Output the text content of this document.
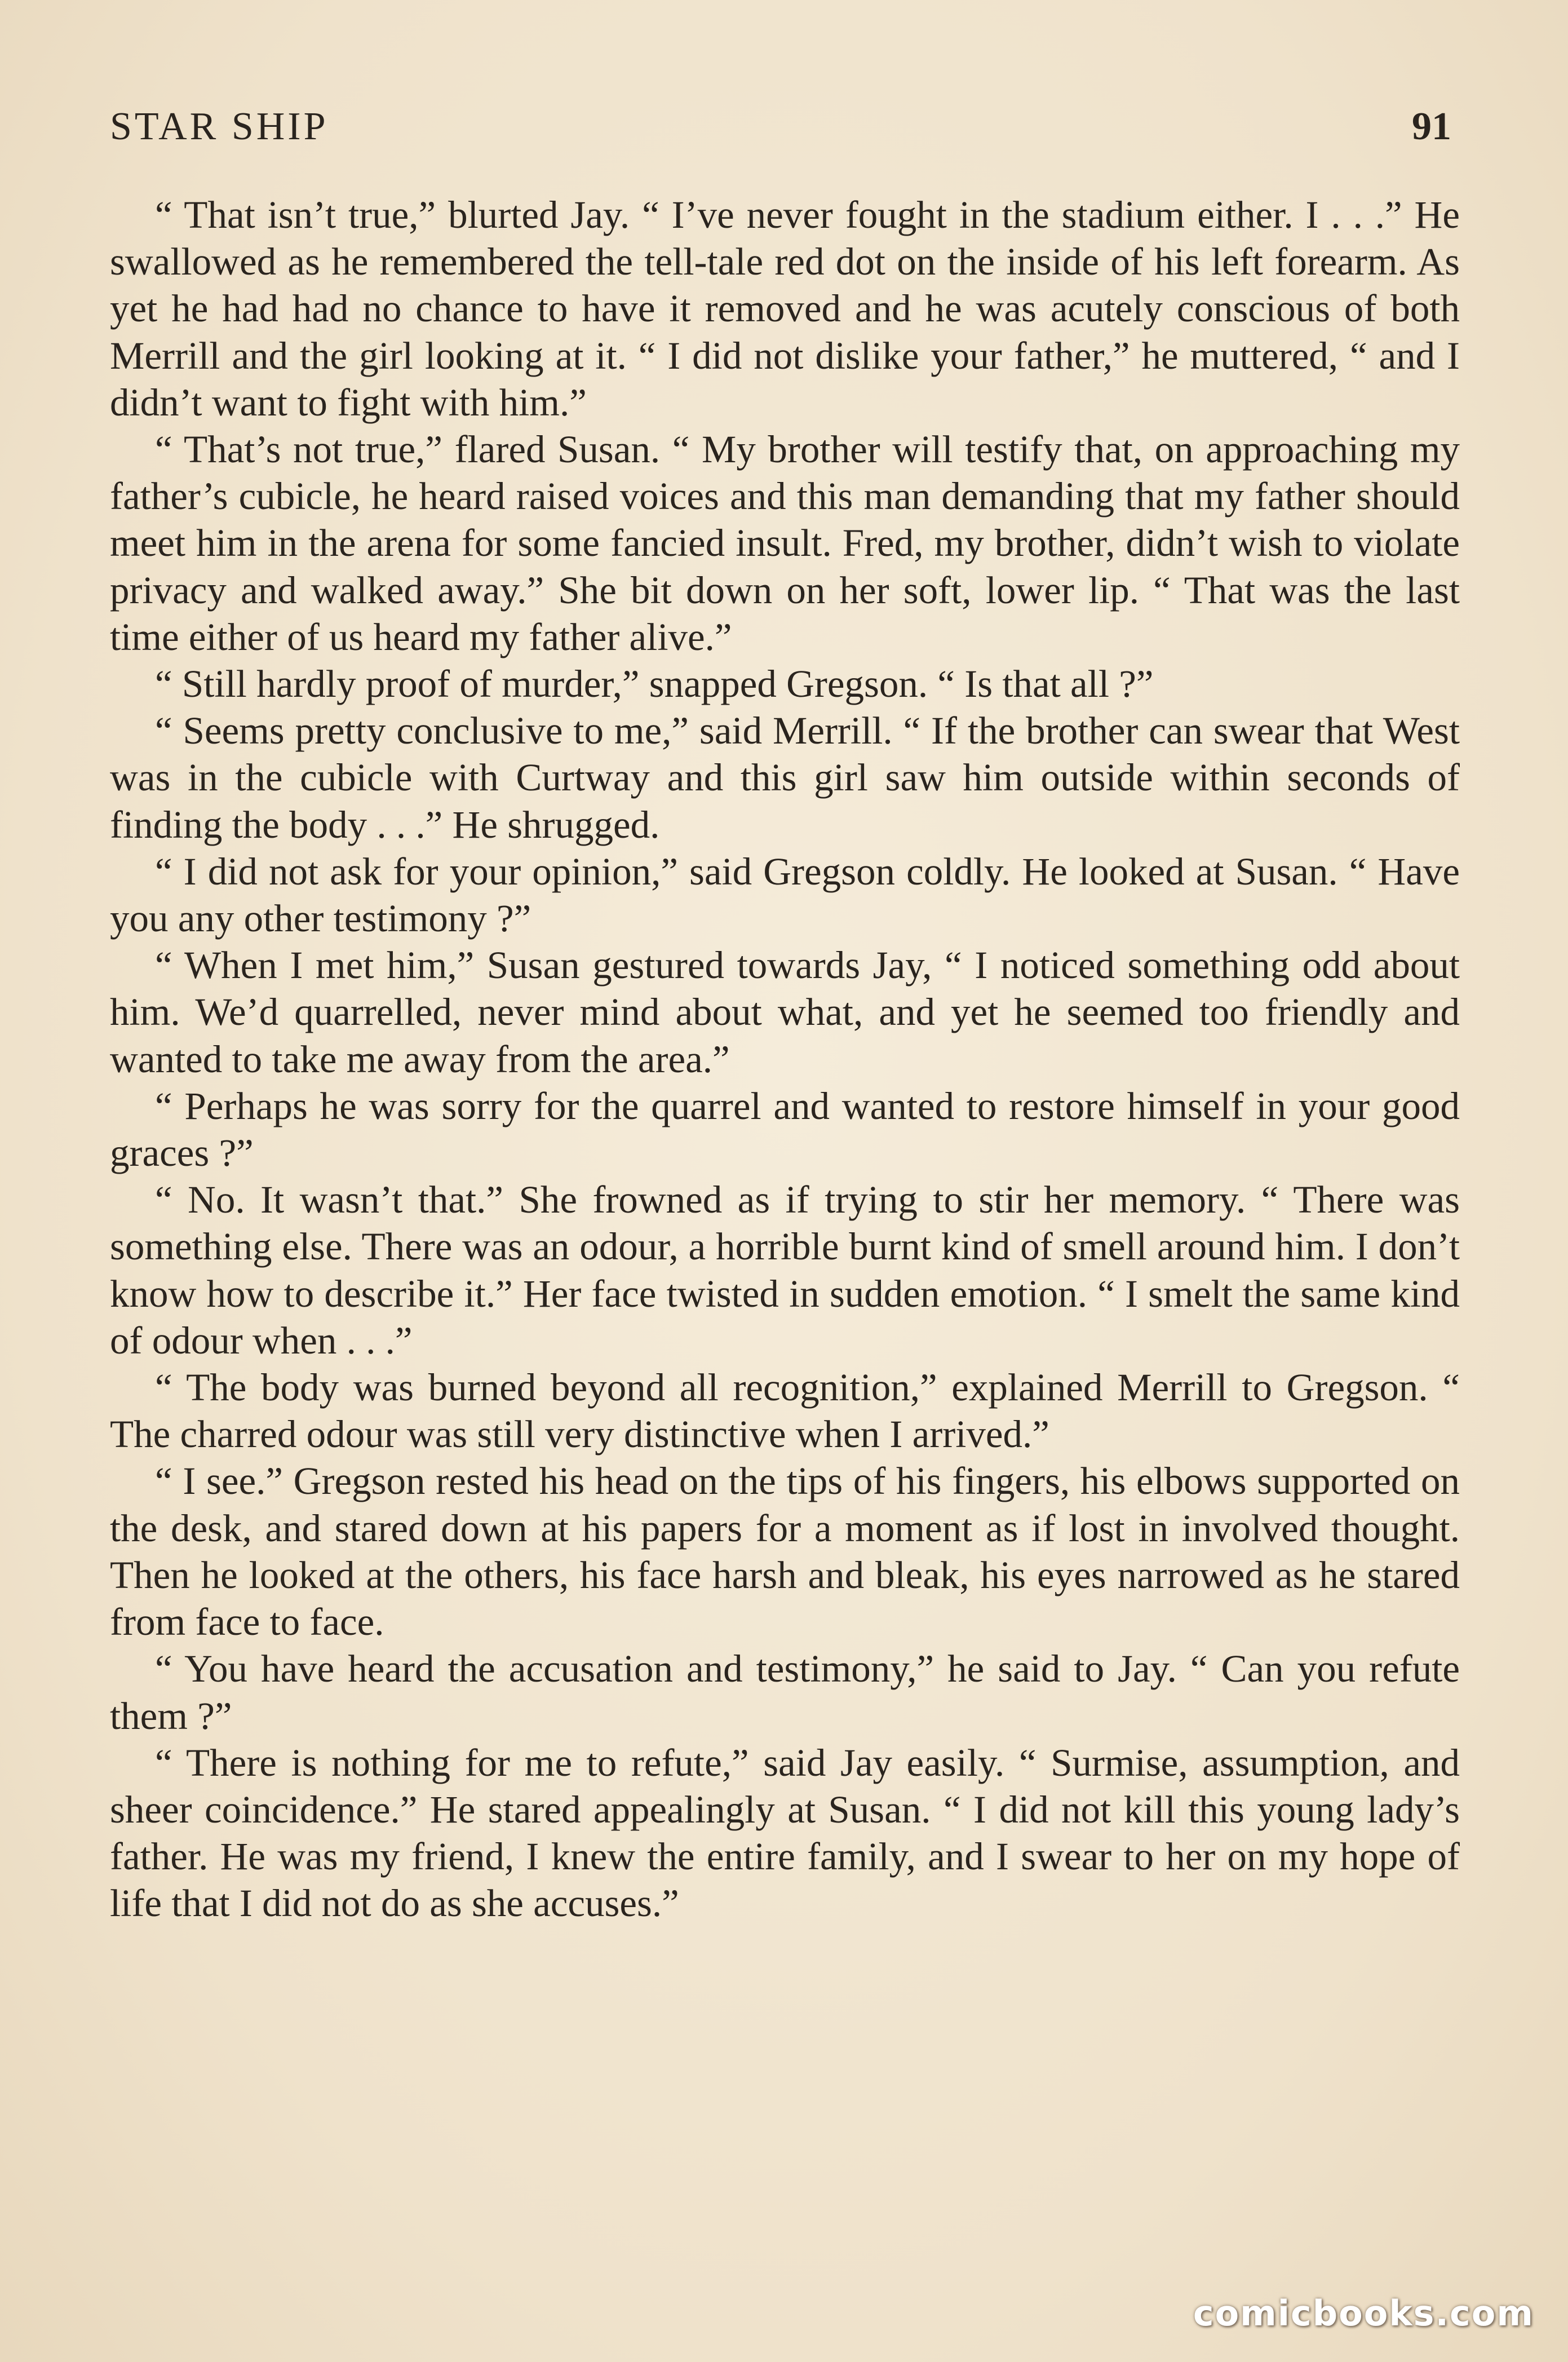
STAR SHIP	91

“ That isn’t true,” blurted Jay. “ I’ve never fought in the stadium either. I . . .” He swallowed as he remembered the tell-tale red dot on the inside of his left forearm. As yet he had had no chance to have it removed and he was acutely conscious of both Merrill and the girl looking at it. “ I did not dislike your father,” he muttered, “ and I didn’t want to fight with him.”

“ That’s not true,” flared Susan. “ My brother will testify that, on approaching my father’s cubicle, he heard raised voices and this man demanding that my father should meet him in the arena for some fancied insult. Fred, my brother, didn’t wish to violate privacy and walked away.” She bit down on her soft, lower lip. “ That was the last time either of us heard my father alive.”

“ Still hardly proof of murder,” snapped Gregson. “ Is that all ?”

“ Seems pretty conclusive to me,” said Merrill. “ If the brother can swear that West was in the cubicle with Curtway and this girl saw him outside within seconds of finding the body . . .” He shrugged.

“ I did not ask for your opinion,” said Gregson coldly. He looked at Susan. “ Have you any other testimony ?”

“ When I met him,” Susan gestured towards Jay, “ I noticed something odd about him. We’d quarrelled, never mind about what, and yet he seemed too friendly and wanted to take me away from the area.”

“ Perhaps he was sorry for the quarrel and wanted to restore himself in your good graces ?”

“ No. It wasn’t that.” She frowned as if trying to stir her memory. “ There was something else. There was an odour, a horrible burnt kind of smell around him. I don’t know how to describe it.” Her face twisted in sudden emotion. “ I smelt the same kind of odour when . . .”

“ The body was burned beyond all recognition,” explained Merrill to Gregson. “ The charred odour was still very distinctive when I arrived.”

“ I see.” Gregson rested his head on the tips of his fingers, his elbows supported on the desk, and stared down at his papers for a moment as if lost in involved thought. Then he looked at the others, his face harsh and bleak, his eyes narrowed as he stared from face to face.

“ You have heard the accusation and testimony,” he said to Jay. “ Can you refute them ?”

“ There is nothing for me to refute,” said Jay easily. “ Surmise, assumption, and sheer coincidence.” He stared appealingly at Susan. “ I did not kill this young lady’s father. He was my friend, I knew the entire family, and I swear to her on my hope of life that I did not do as she accuses.”

comicbooks.com
